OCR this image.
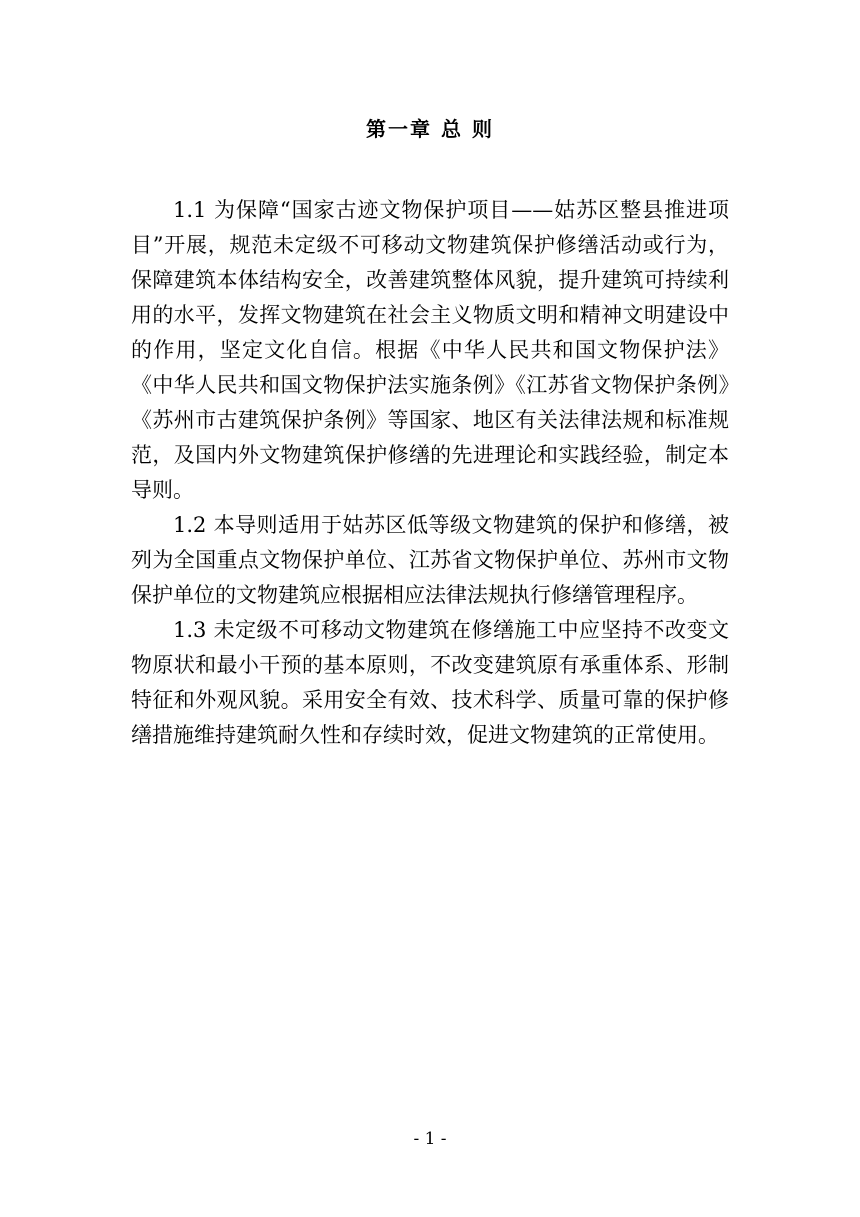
第一章 总 则

1.1 为保障“国家古迹文物保护项目——姑苏区整县推进项目”开展，规范未定级不可移动文物建筑保护修缮活动或行为，保障建筑本体结构安全，改善建筑整体风貌，提升建筑可持续利用的水平，发挥文物建筑在社会主义物质文明和精神文明建设中的作用，坚定文化自信。根据《中华人民共和国文物保护法》《中华人民共和国文物保护法实施条例》《江苏省文物保护条例》《苏州市古建筑保护条例》等国家、地区有关法律法规和标准规范，及国内外文物建筑保护修缮的先进理论和实践经验，制定本导则。

1.2 本导则适用于姑苏区低等级文物建筑的保护和修缮，被列为全国重点文物保护单位、江苏省文物保护单位、苏州市文物保护单位的文物建筑应根据相应法律法规执行修缮管理程序。

1.3 未定级不可移动文物建筑在修缮施工中应坚持不改变文物原状和最小干预的基本原则，不改变建筑原有承重体系、形制特征和外观风貌。采用安全有效、技术科学、质量可靠的保护修缮措施维持建筑耐久性和存续时效，促进文物建筑的正常使用。

- 1 -
